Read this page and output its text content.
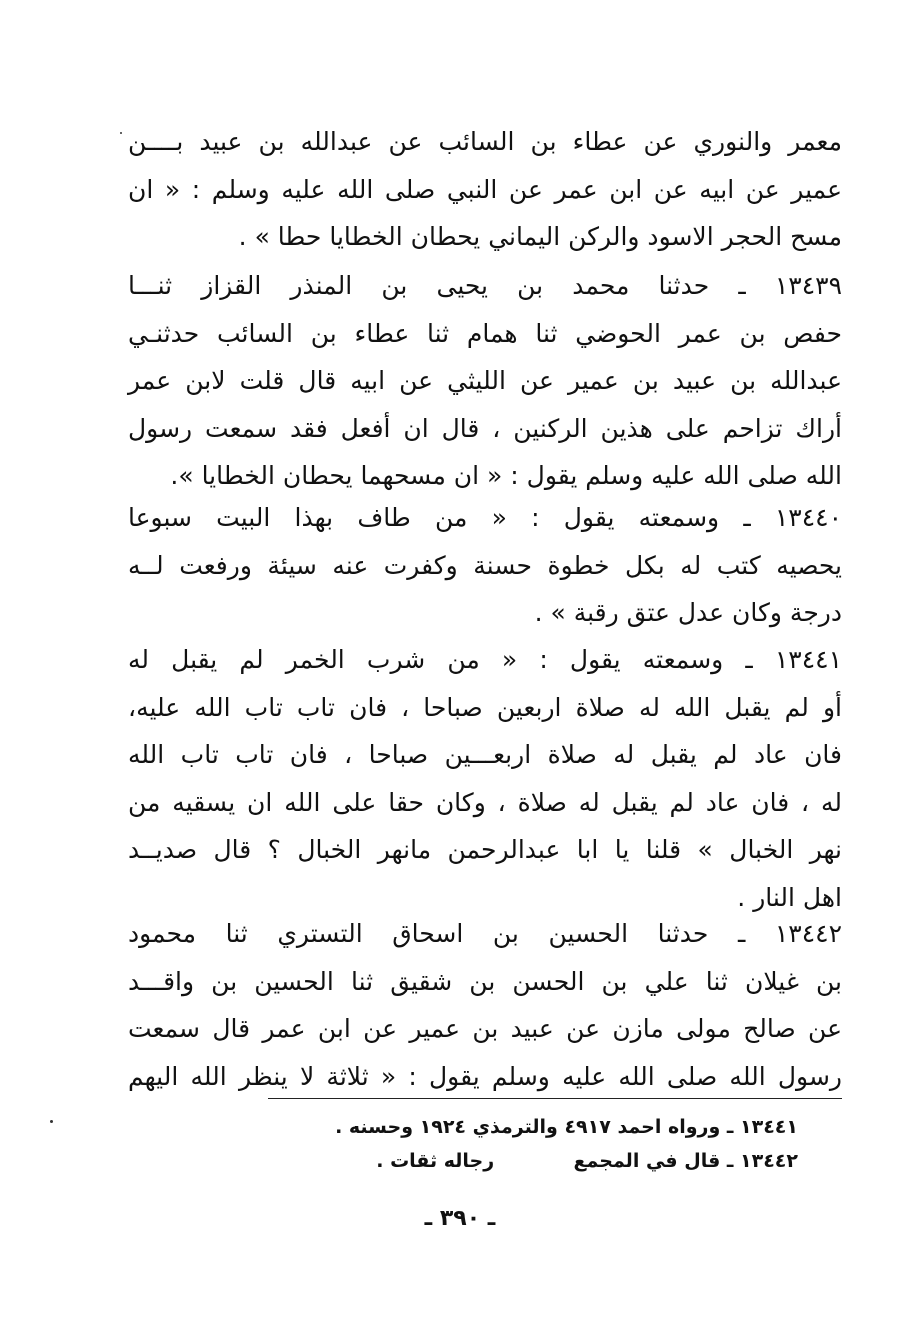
معمر والنوري عن عطاء بن السائب عن عبدالله بن عبيد بــــن
عمير عن ابيه عن ابن عمر عن النبي صلى الله عليه وسلم : « ان
مسح الحجر الاسود والركن اليماني يحطان الخطايا حطا » .
١٣٤٣٩ ـ حدثنا محمد بن يحيى بن المنذر القزاز ثنـــا
حفص بن عمر الحوضي ثنا همام ثنا عطاء بن السائب حدثنـي
عبدالله بن عبيد بن عمير عن الليثي عن ابيه قال قلت لابن عمر
أراك تزاحم على هذين الركنين ، قال ان أفعل فقد سمعت رسول
الله صلى الله عليه وسلم يقول : « ان مسحهما يحطان الخطايا ».
١٣٤٤٠ ـ وسمعته يقول : « من طاف بهذا البيت سبوعا
يحصيه كتب له بكل خطوة حسنة وكفرت عنه سيئة ورفعت لــه
درجة وكان عدل عتق رقبة » .
١٣٤٤١ ـ وسمعته يقول : « من شرب الخمر لم يقبل له
أو لم يقبل الله له صلاة اربعين صباحا ، فان تاب تاب الله عليه،
فان عاد لم يقبل له صلاة اربعـــين صباحا ، فان تاب تاب الله
له ، فان عاد لم يقبل له صلاة ، وكان حقا على الله ان يسقيه من
نهر الخبال » قلنا يا ابا عبدالرحمن مانهر الخبال ؟ قال صديــد
اهل النار .
١٣٤٤٢ ـ حدثنا الحسين بن اسحاق التستري ثنا محمود
بن غيلان ثنا علي بن الحسن بن شقيق ثنا الحسين بن واقـــد
عن صالح مولى مازن عن عبيد بن عمير عن ابن عمر قال سمعت
رسول الله صلى الله عليه وسلم يقول : « ثلاثة لا ينظر الله اليهم
١٣٤٤١ ـ ورواه احمد ٤٩١٧ والترمذي ١٩٢٤ وحسنه .
١٣٤٤٢ ـ قال في المجمع            رجاله ثقات .
ـ ٣٩٠ ـ
